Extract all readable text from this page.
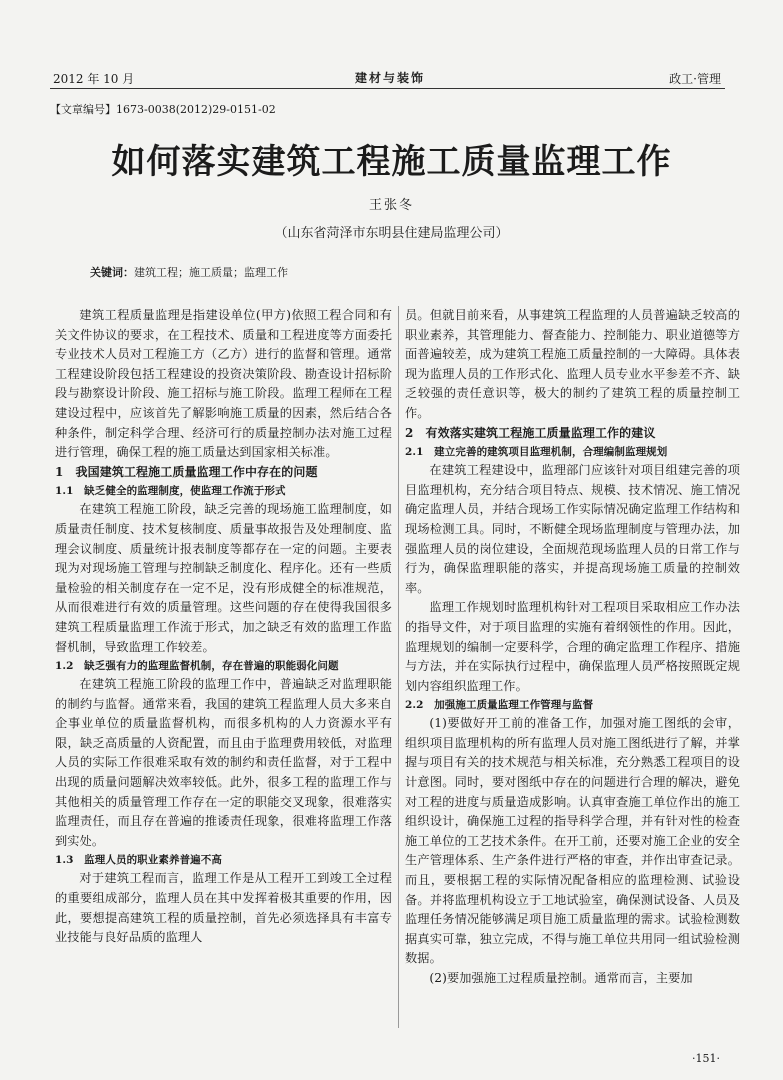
2012 年 10 月	建材与装饰	政工·管理
【文章编号】1673-0038(2012)29-0151-02
如何落实建筑工程施工质量监理工作
王张冬
（山东省菏泽市东明县住建局监理公司）
关键词：建筑工程；施工质量；监理工作

建筑工程质量监理是指建设单位(甲方)依照工程合同和有关文件协议的要求，在工程技术、质量和工程进度等方面委托专业技术人员对工程施工方（乙方）进行的监督和管理。通常工程建设阶段包括工程建设的投资决策阶段、勘查设计招标阶段与勘察设计阶段、施工招标与施工阶段。监理工程师在工程建设过程中，应该首先了解影响施工质量的因素，然后结合各种条件，制定科学合理、经济可行的质量控制办法对施工过程进行管理，确保工程的施工质量达到国家相关标准。

1　我国建筑工程施工质量监理工作中存在的问题
1.1　缺乏健全的监理制度，使监理工作流于形式

在建筑工程施工阶段，缺乏完善的现场施工监理制度，如质量责任制度、技术复核制度、质量事故报告及处理制度、监理会议制度、质量统计报表制度等都存在一定的问题。主要表现为对现场施工管理与控制缺乏制度化、程序化。还有一些质量检验的相关制度存在一定不足，没有形成健全的标准规范，从而很难进行有效的质量管理。这些问题的存在使得我国很多建筑工程质量监理工作流于形式，加之缺乏有效的监理工作监督机制，导致监理工作较差。

1.2　缺乏强有力的监理监督机制，存在普遍的职能弱化问题

在建筑工程施工阶段的监理工作中，普遍缺乏对监理职能的制约与监督。通常来看，我国的建筑工程监理人员大多来自企事业单位的质量监督机构，而很多机构的人力资源水平有限，缺乏高质量的人资配置，而且由于监理费用较低，对监理人员的实际工作很难采取有效的制约和责任监督，对于工程中出现的质量问题解决效率较低。此外，很多工程的监理工作与其他相关的质量管理工作存在一定的职能交叉现象，很难落实监理责任，而且存在普遍的推诿责任现象，很难将监理工作落到实处。

1.3　监理人员的职业素养普遍不高

对于建筑工程而言，监理工作是从工程开工到竣工全过程的重要组成部分，监理人员在其中发挥着极其重要的作用，因此，要想提高建筑工程的质量控制，首先必须选择具有丰富专业技能与良好品质的监理人

员。但就目前来看，从事建筑工程监理的人员普遍缺乏较高的职业素养，其管理能力、督查能力、控制能力、职业道德等方面普遍较差，成为建筑工程施工质量控制的一大障碍。具体表现为监理人员的工作形式化、监理人员专业水平参差不齐、缺乏较强的责任意识等，极大的制约了建筑工程的质量控制工作。

2　有效落实建筑工程施工质量监理工作的建议
2.1　建立完善的建筑项目监理机制，合理编制监理规划

在建筑工程建设中，监理部门应该针对项目组建完善的项目监理机构，充分结合项目特点、规模、技术情况、施工情况确定监理人员，并结合现场工作实际情况确定监理工作结构和现场检测工具。同时，不断健全现场监理制度与管理办法，加强监理人员的岗位建设，全面规范现场监理人员的日常工作与行为，确保监理职能的落实，并提高现场施工质量的控制效率。

监理工作规划时监理机构针对工程项目采取相应工作办法的指导文件，对于项目监理的实施有着纲领性的作用。因此，监理规划的编制一定要科学，合理的确定监理工作程序、措施与方法，并在实际执行过程中，确保监理人员严格按照既定规划内容组织监理工作。

2.2　加强施工质量监理工作管理与监督

(1)要做好开工前的准备工作，加强对施工图纸的会审，组织项目监理机构的所有监理人员对施工图纸进行了解，并掌握与项目有关的技术规范与相关标准，充分熟悉工程项目的设计意图。同时，要对图纸中存在的问题进行合理的解决，避免对工程的进度与质量造成影响。认真审查施工单位作出的施工组织设计，确保施工过程的指导科学合理，并有针对性的检查施工单位的工艺技术条件。在开工前，还要对施工企业的安全生产管理体系、生产条件进行严格的审查，并作出审查记录。而且，要根据工程的实际情况配备相应的监理检测、试验设备。并将监理机构设立于工地试验室，确保测试设备、人员及监理任务情况能够满足项目施工质量监理的需求。试验检测数据真实可靠，独立完成，不得与施工单位共用同一组试验检测数据。

(2)要加强施工过程质量控制。通常而言，主要加

·151·
